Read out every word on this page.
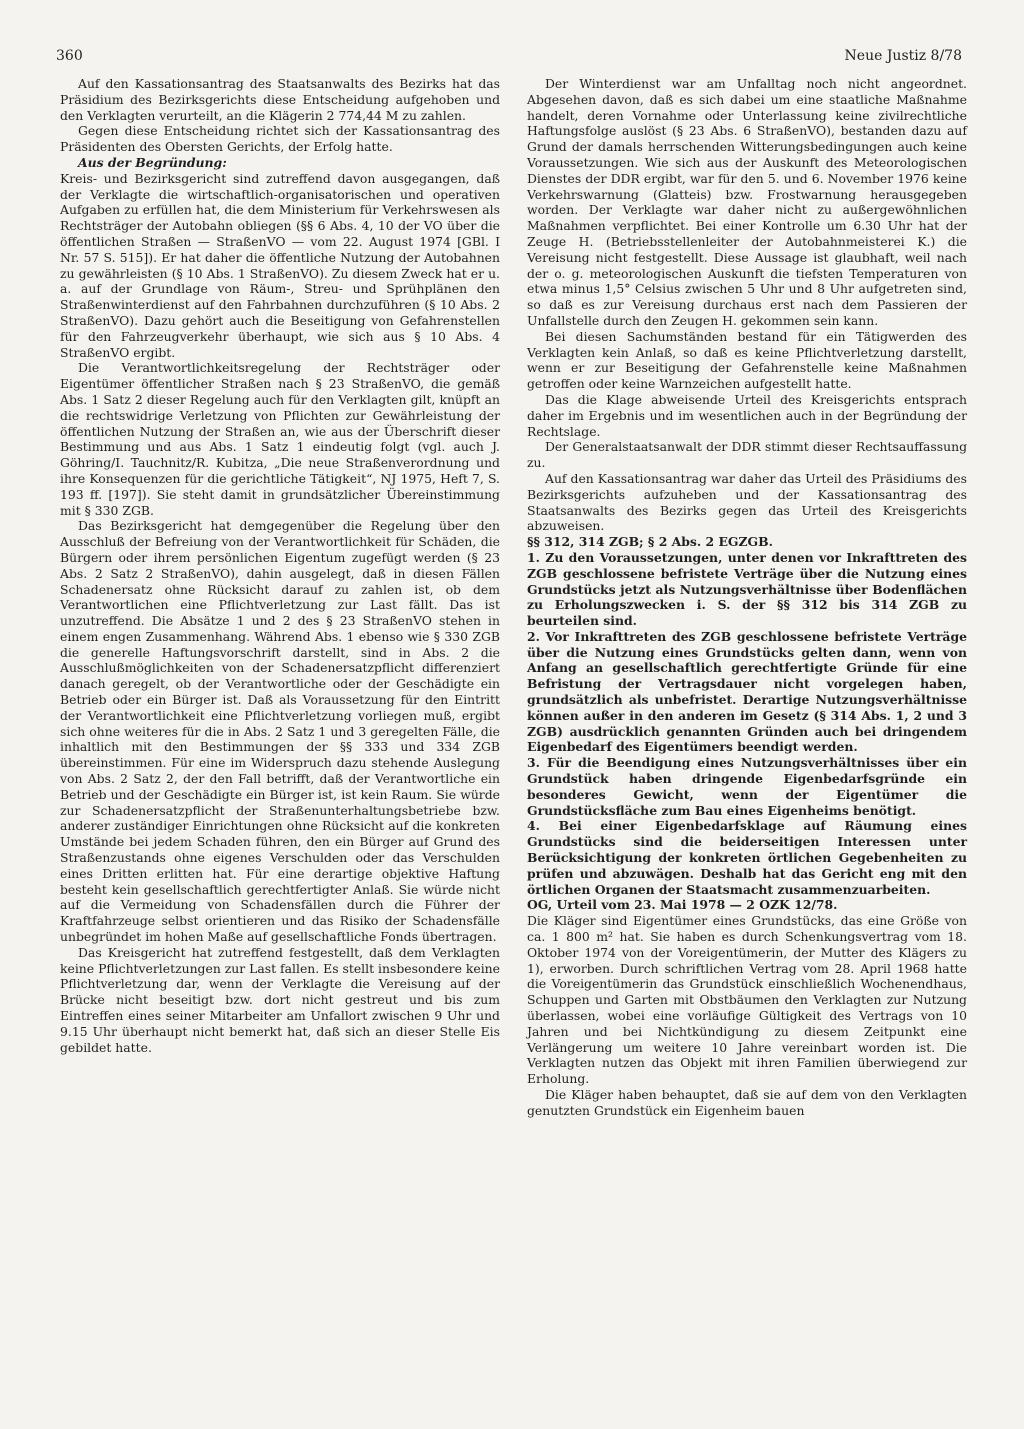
360	Neue Justiz 8/78

Auf den Kassationsantrag des Staatsanwalts des Bezirks hat das Präsidium des Bezirksgerichts diese Entscheidung aufgehoben und den Verklagten verurteilt, an die Klägerin 2 774,44 M zu zahlen.

Gegen diese Entscheidung richtet sich der Kassationsantrag des Präsidenten des Obersten Gerichts, der Erfolg hatte.

Aus der Begründung:

Kreis- und Bezirksgericht sind zutreffend davon ausgegangen, daß der Verklagte die wirtschaftlich-organisatorischen und operativen Aufgaben zu erfüllen hat, die dem Ministerium für Verkehrswesen als Rechtsträger der Autobahn obliegen (§§ 6 Abs. 4, 10 der VO über die öffentlichen Straßen — StraßenVO — vom 22. August 1974 [GBl. I Nr. 57 S. 515]). Er hat daher die öffentliche Nutzung der Autobahnen zu gewährleisten (§ 10 Abs. 1 StraßenVO). Zu diesem Zweck hat er u. a. auf der Grundlage von Räum-, Streu- und Sprühplänen den Straßenwinterdienst auf den Fahrbahnen durchzuführen (§ 10 Abs. 2 StraßenVO). Dazu gehört auch die Beseitigung von Gefahrenstellen für den Fahrzeugverkehr überhaupt, wie sich aus § 10 Abs. 4 StraßenVO ergibt.

Die Verantwortlichkeitsregelung der Rechtsträger oder Eigentümer öffentlicher Straßen nach § 23 StraßenVO, die gemäß Abs. 1 Satz 2 dieser Regelung auch für den Verklagten gilt, knüpft an die rechtswidrige Verletzung von Pflichten zur Gewährleistung der öffentlichen Nutzung der Straßen an, wie aus der Überschrift dieser Bestimmung und aus Abs. 1 Satz 1 eindeutig folgt (vgl. auch J. Göhring/I. Tauchnitz/R. Kubitza, „Die neue Straßenverordnung und ihre Konsequenzen für die gerichtliche Tätigkeit“, NJ 1975, Heft 7, S. 193 ff. [197]). Sie steht damit in grundsätzlicher Übereinstimmung mit § 330 ZGB.

Das Bezirksgericht hat demgegenüber die Regelung über den Ausschluß der Befreiung von der Verantwortlichkeit für Schäden, die Bürgern oder ihrem persönlichen Eigentum zugefügt werden (§ 23 Abs. 2 Satz 2 StraßenVO), dahin ausgelegt, daß in diesen Fällen Schadenersatz ohne Rücksicht darauf zu zahlen ist, ob dem Verantwortlichen eine Pflichtverletzung zur Last fällt. Das ist unzutreffend. Die Absätze 1 und 2 des § 23 StraßenVO stehen in einem engen Zusammenhang. Während Abs. 1 ebenso wie § 330 ZGB die generelle Haftungsvorschrift darstellt, sind in Abs. 2 die Ausschlußmöglichkeiten von der Schadenersatzpflicht differenziert danach geregelt, ob der Verantwortliche oder der Geschädigte ein Betrieb oder ein Bürger ist. Daß als Voraussetzung für den Eintritt der Verantwortlichkeit eine Pflichtverletzung vorliegen muß, ergibt sich ohne weiteres für die in Abs. 2 Satz 1 und 3 geregelten Fälle, die inhaltlich mit den Bestimmungen der §§ 333 und 334 ZGB übereinstimmen. Für eine im Widerspruch dazu stehende Auslegung von Abs. 2 Satz 2, der den Fall betrifft, daß der Verantwortliche ein Betrieb und der Geschädigte ein Bürger ist, ist kein Raum. Sie würde zur Schadenersatzpflicht der Straßenunterhaltungsbetriebe bzw. anderer zuständiger Einrichtungen ohne Rücksicht auf die konkreten Umstände bei jedem Schaden führen, den ein Bürger auf Grund des Straßenzustands ohne eigenes Verschulden oder das Verschulden eines Dritten erlitten hat. Für eine derartige objektive Haftung besteht kein gesellschaftlich gerechtfertigter Anlaß. Sie würde nicht auf die Vermeidung von Schadensfällen durch die Führer der Kraftfahrzeuge selbst orientieren und das Risiko der Schadensfälle unbegründet im hohen Maße auf gesellschaftliche Fonds übertragen.

Das Kreisgericht hat zutreffend festgestellt, daß dem Verklagten keine Pflichtverletzungen zur Last fallen. Es stellt insbesondere keine Pflichtverletzung dar, wenn der Verklagte die Vereisung auf der Brücke nicht beseitigt bzw. dort nicht gestreut und bis zum Eintreffen eines seiner Mitarbeiter am Unfallort zwischen 9 Uhr und 9.15 Uhr überhaupt nicht bemerkt hat, daß sich an dieser Stelle Eis gebildet hatte.

Der Winterdienst war am Unfalltag noch nicht angeordnet. Abgesehen davon, daß es sich dabei um eine staatliche Maßnahme handelt, deren Vornahme oder Unterlassung keine zivilrechtliche Haftungsfolge auslöst (§ 23 Abs. 6 StraßenVO), bestanden dazu auf Grund der damals herrschenden Witterungsbedingungen auch keine Voraussetzungen. Wie sich aus der Auskunft des Meteorologischen Dienstes der DDR ergibt, war für den 5. und 6. November 1976 keine Verkehrswarnung (Glatteis) bzw. Frostwarnung herausgegeben worden. Der Verklagte war daher nicht zu außergewöhnlichen Maßnahmen verpflichtet. Bei einer Kontrolle um 6.30 Uhr hat der Zeuge H. (Betriebsstellenleiter der Autobahnmeisterei K.) die Vereisung nicht festgestellt. Diese Aussage ist glaubhaft, weil nach der o. g. meteorologischen Auskunft die tiefsten Temperaturen von etwa minus 1,5° Celsius zwischen 5 Uhr und 8 Uhr aufgetreten sind, so daß es zur Vereisung durchaus erst nach dem Passieren der Unfallstelle durch den Zeugen H. gekommen sein kann.

Bei diesen Sachumständen bestand für ein Tätigwerden des Verklagten kein Anlaß, so daß es keine Pflichtverletzung darstellt, wenn er zur Beseitigung der Gefahrenstelle keine Maßnahmen getroffen oder keine Warnzeichen aufgestellt hatte.

Das die Klage abweisende Urteil des Kreisgerichts entsprach daher im Ergebnis und im wesentlichen auch in der Begründung der Rechtslage.

Der Generalstaatsanwalt der DDR stimmt dieser Rechtsauffassung zu.

Auf den Kassationsantrag war daher das Urteil des Präsidiums des Bezirksgerichts aufzuheben und der Kassationsantrag des Staatsanwalts des Bezirks gegen das Urteil des Kreisgerichts abzuweisen.

§§ 312, 314 ZGB; § 2 Abs. 2 EGZGB.

1. Zu den Voraussetzungen, unter denen vor Inkrafttreten des ZGB geschlossene befristete Verträge über die Nutzung eines Grundstücks jetzt als Nutzungsverhältnisse über Bodenflächen zu Erholungszwecken i. S. der §§ 312 bis 314 ZGB zu beurteilen sind.

2. Vor Inkrafttreten des ZGB geschlossene befristete Verträge über die Nutzung eines Grundstücks gelten dann, wenn von Anfang an gesellschaftlich gerechtfertigte Gründe für eine Befristung der Vertragsdauer nicht vorgelegen haben, grundsätzlich als unbefristet. Derartige Nutzungsverhältnisse können außer in den anderen im Gesetz (§ 314 Abs. 1, 2 und 3 ZGB) ausdrücklich genannten Gründen auch bei dringendem Eigenbedarf des Eigentümers beendigt werden.

3. Für die Beendigung eines Nutzungsverhältnisses über ein Grundstück haben dringende Eigenbedarfsgründe ein besonderes Gewicht, wenn der Eigentümer die Grundstücksfläche zum Bau eines Eigenheims benötigt.

4. Bei einer Eigenbedarfsklage auf Räumung eines Grundstücks sind die beiderseitigen Interessen unter Berücksichtigung der konkreten örtlichen Gegebenheiten zu prüfen und abzuwägen. Deshalb hat das Gericht eng mit den örtlichen Organen der Staatsmacht zusammenzuarbeiten.

OG, Urteil vom 23. Mai 1978 — 2 OZK 12/78.

Die Kläger sind Eigentümer eines Grundstücks, das eine Größe von ca. 1 800 m² hat. Sie haben es durch Schenkungsvertrag vom 18. Oktober 1974 von der Voreigentümerin, der Mutter des Klägers zu 1), erworben. Durch schriftlichen Vertrag vom 28. April 1968 hatte die Voreigentümerin das Grundstück einschließlich Wochenendhaus, Schuppen und Garten mit Obstbäumen den Verklagten zur Nutzung überlassen, wobei eine vorläufige Gültigkeit des Vertrags von 10 Jahren und bei Nichtkündigung zu diesem Zeitpunkt eine Verlängerung um weitere 10 Jahre vereinbart worden ist. Die Verklagten nutzen das Objekt mit ihren Familien überwiegend zur Erholung.

Die Kläger haben behauptet, daß sie auf dem von den Verklagten genutzten Grundstück ein Eigenheim bauen
